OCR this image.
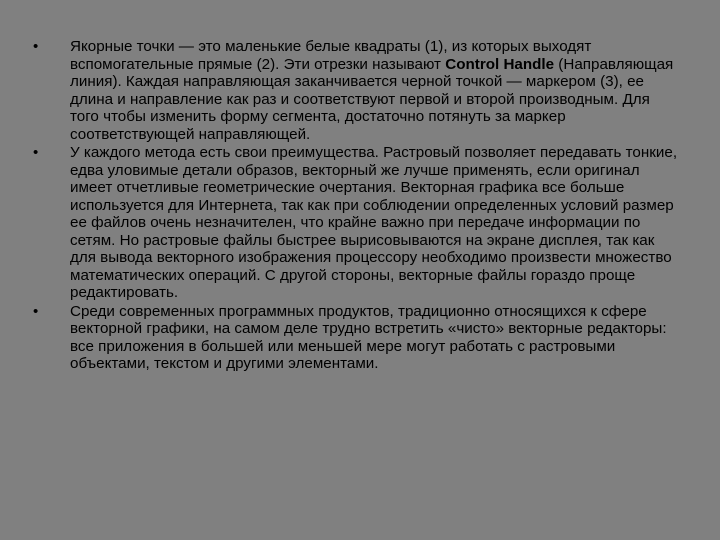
• Якорные точки — это маленькие белые квадраты (1), из которых выходят вспомогательные прямые (2). Эти отрезки называют Control Handle (Направляющая линия). Каждая направляющая заканчивается черной точкой — маркером (3), ее длина и направление как раз и соответствуют первой и второй производным. Для того чтобы изменить форму сегмента, достаточно потянуть за маркер соответствующей направляющей.
• У каждого метода есть свои преимущества. Растровый позволяет передавать тонкие, едва уловимые детали образов, векторный же лучше применять, если оригинал имеет отчетливые геометрические очертания. Векторная графика все больше используется для Интернета, так как при соблюдении определенных условий размер ее файлов очень незначителен, что крайне важно при передаче информации по сетям. Но растровые файлы быстрее вырисовываются на экране дисплея, так как для вывода векторного изображения процессору необходимо произвести множество математических операций. С другой стороны, векторные файлы гораздо проще редактировать.
• Среди современных программных продуктов, традиционно относящихся к сфере векторной графики, на самом деле трудно встретить «чисто» векторные редакторы: все приложения в большей или меньшей мере могут работать с растровыми объектами, текстом и другими элементами.
